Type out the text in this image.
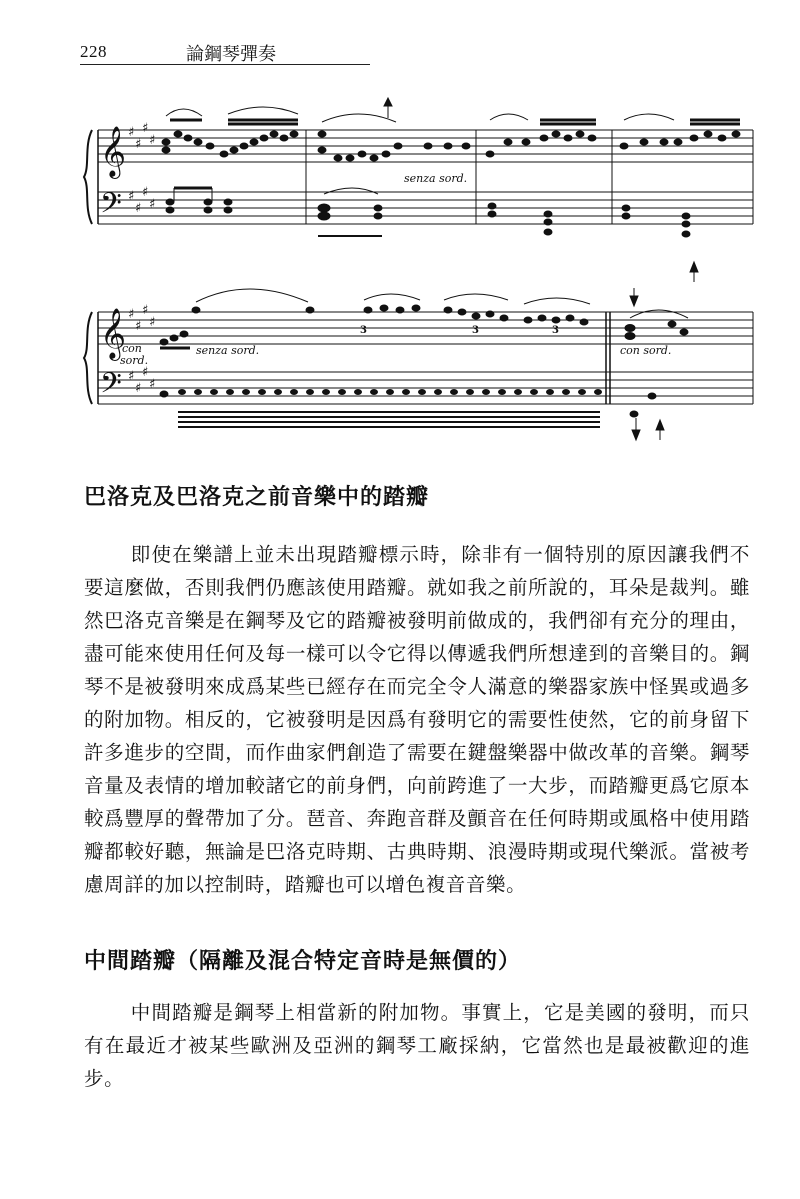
228	論鋼琴彈奏
𝄞
𝄢
𝄞
𝄢
♯
♯
♯
♯
♯
♯
♯
♯
♯
♯
♯
♯
♯
♯
♯
♯
senza sord.
3	3	3
senza sord.
con
sord.
con sord.
巴洛克及巴洛克之前音樂中的踏瓣

即使在樂譜上並未出現踏瓣標示時，除非有一個特別的原因讓我們不要這麼做，否則我們仍應該使用踏瓣。就如我之前所說的，耳朵是裁判。雖然巴洛克音樂是在鋼琴及它的踏瓣被發明前做成的，我們卻有充分的理由，盡可能來使用任何及每一樣可以令它得以傳遞我們所想達到的音樂目的。鋼琴不是被發明來成爲某些已經存在而完全令人滿意的樂器家族中怪異或過多的附加物。相反的，它被發明是因爲有發明它的需要性使然，它的前身留下許多進步的空間，而作曲家們創造了需要在鍵盤樂器中做改革的音樂。鋼琴音量及表情的增加較諸它的前身們，向前跨進了一大步，而踏瓣更爲它原本較爲豐厚的聲帶加了分。琶音、奔跑音群及顫音在任何時期或風格中使用踏瓣都較好聽，無論是巴洛克時期、古典時期、浪漫時期或現代樂派。當被考慮周詳的加以控制時，踏瓣也可以增色複音音樂。

中間踏瓣（隔離及混合特定音時是無價的）

中間踏瓣是鋼琴上相當新的附加物。事實上，它是美國的發明，而只有在最近才被某些歐洲及亞洲的鋼琴工廠採納，它當然也是最被歡迎的進步。
